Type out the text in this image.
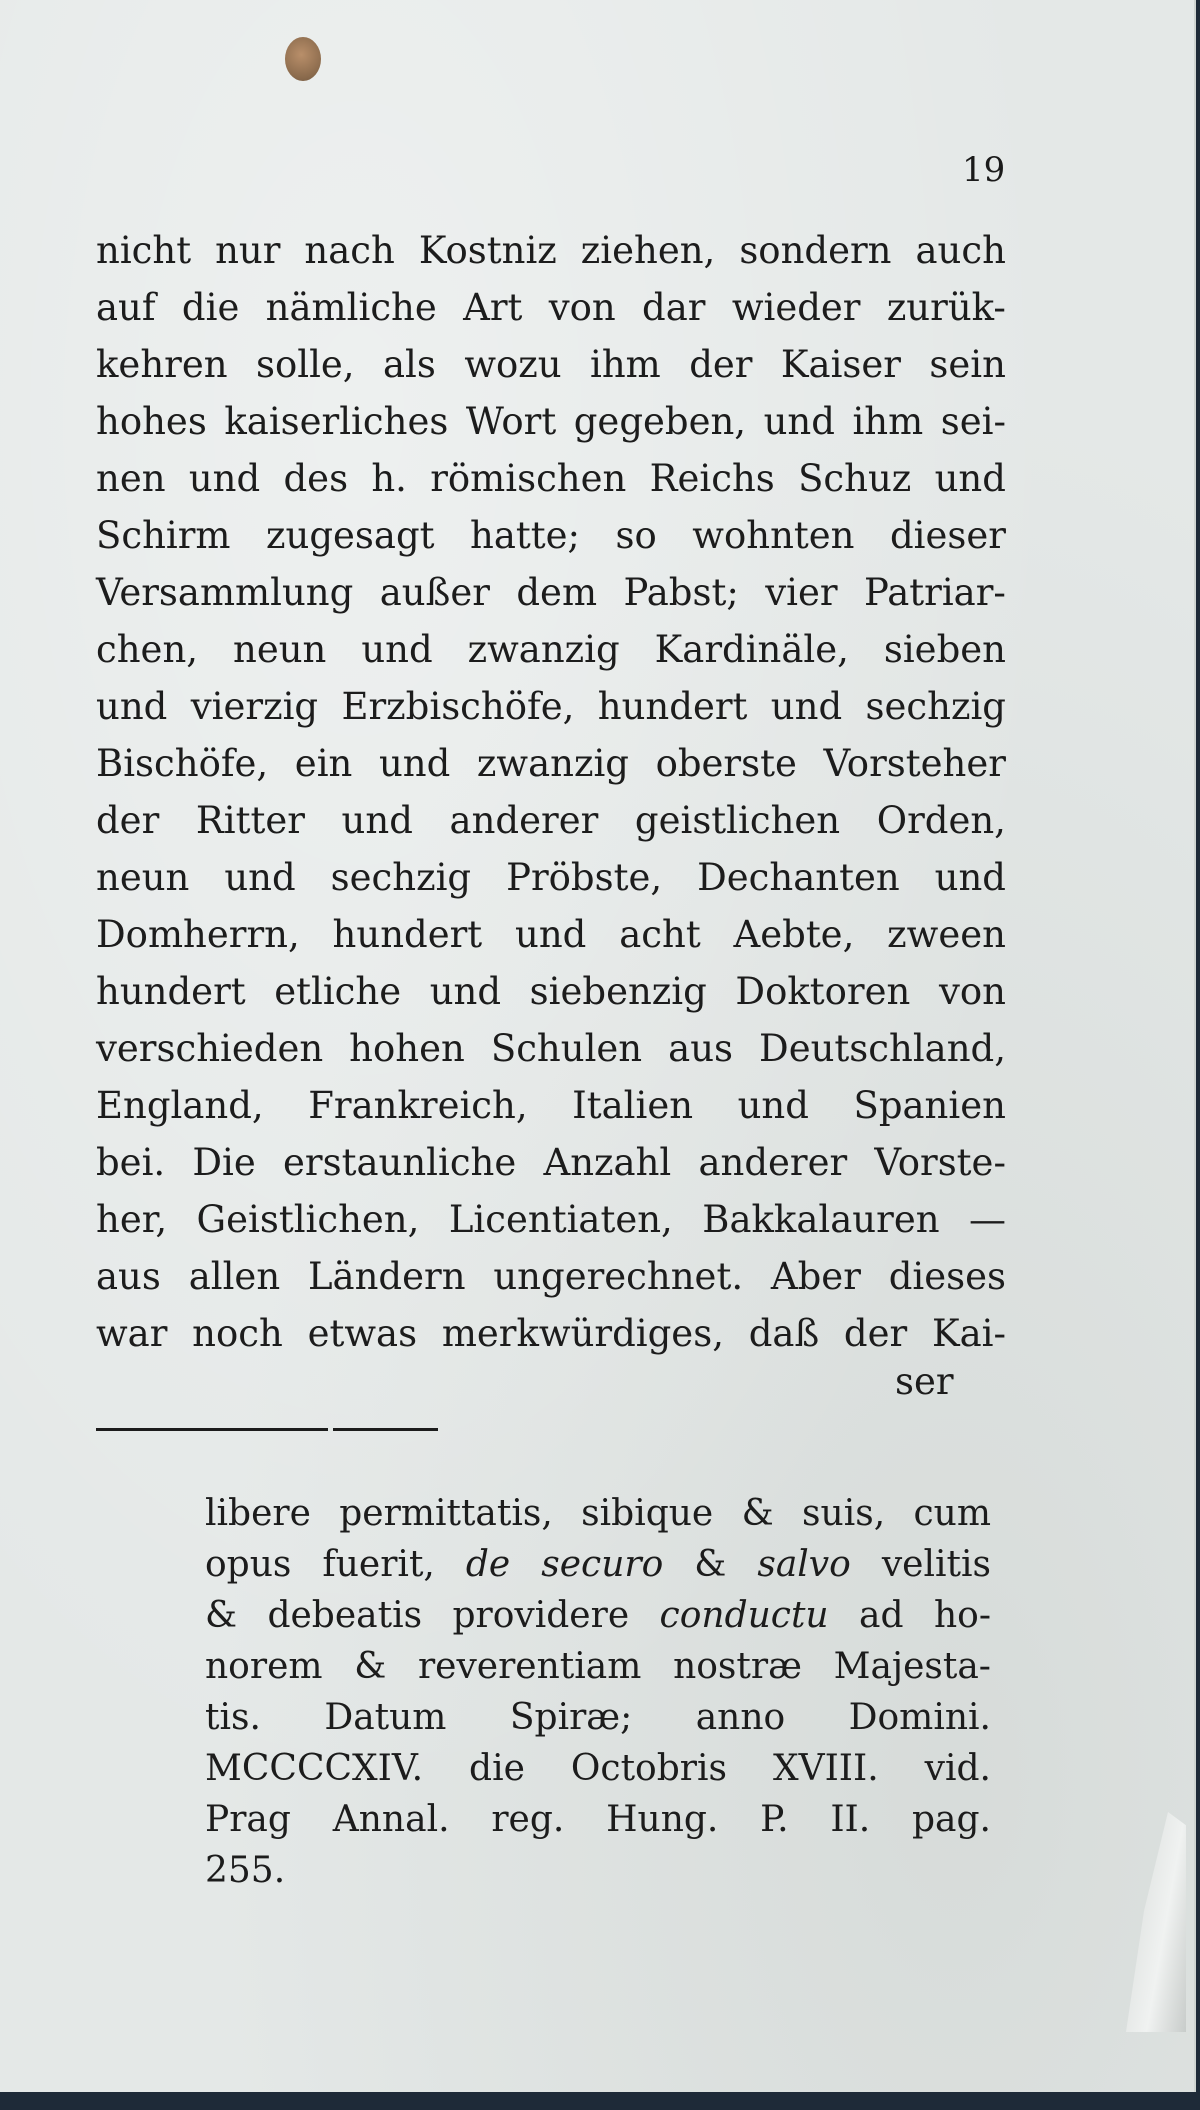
19
nicht nur nach Kostniz ziehen, sondern auch
auf die nämliche Art von dar wieder zurük-
kehren solle, als wozu ihm der Kaiser sein
hohes kaiserliches Wort gegeben, und ihm sei-
nen und des h. römischen Reichs Schuz und
Schirm zugesagt hatte; so wohnten dieser
Versammlung außer dem Pabst; vier Patriar-
chen, neun und zwanzig Kardinäle, sieben
und vierzig Erzbischöfe, hundert und sechzig
Bischöfe, ein und zwanzig oberste Vorsteher
der Ritter und anderer geistlichen Orden,
neun und sechzig Pröbste, Dechanten und
Domherrn, hundert und acht Aebte, zween
hundert etliche und siebenzig Doktoren von
verschieden hohen Schulen aus Deutschland,
England, Frankreich, Italien und Spanien
bei. Die erstaunliche Anzahl anderer Vorste-
her, Geistlichen, Licentiaten, Bakkalauren —
aus allen Ländern ungerechnet. Aber dieses
war noch etwas merkwürdiges, daß der Kai-
ser
libere permittatis, sibique & suis, cum
opus fuerit, de securo & salvo velitis
& debeatis providere conductu ad ho-
norem & reverentiam nostræ Majesta-
tis. Datum Spiræ; anno Domini.
MCCCCXIV. die Octobris XVIII. vid.
Prag Annal. reg. Hung. P. II. pag.
255.
